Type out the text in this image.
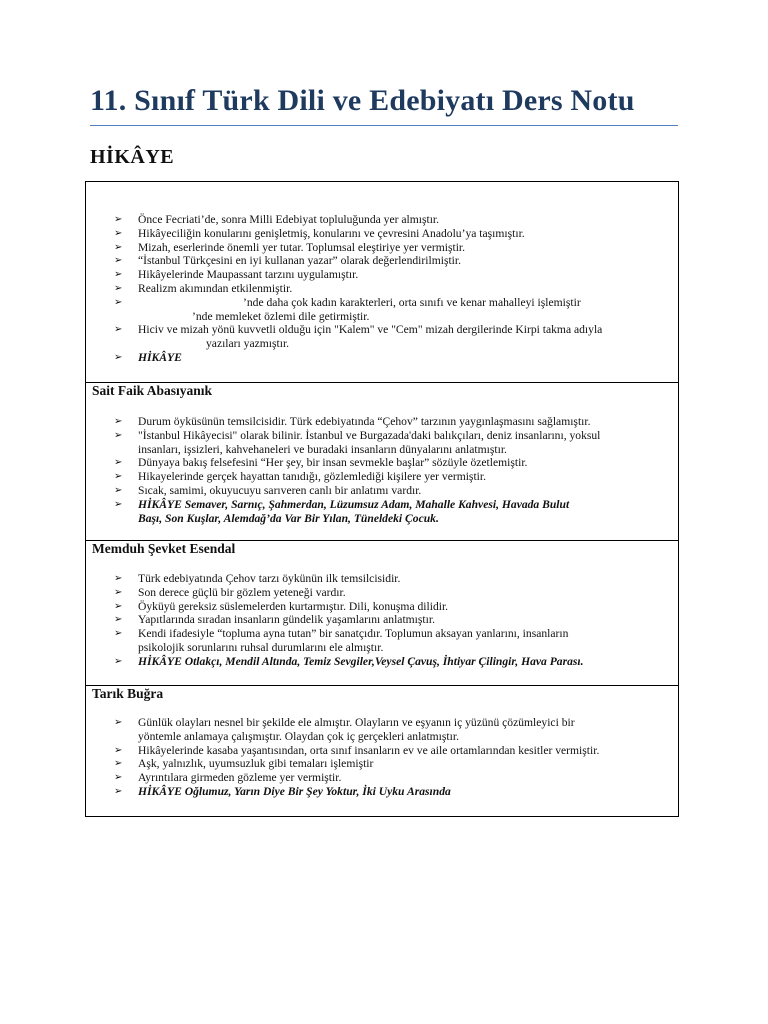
11. Sınıf Türk Dili ve Edebiyatı Ders Notu
HİKÂYE
➢ Önce Fecriati’de, sonra Milli Edebiyat topluluğunda yer almıştır.
➢ Hikâyeciliğin konularını genişletmiş, konularını ve çevresini Anadolu’ya taşımıştır.
➢ Mizah, eserlerinde önemli yer tutar. Toplumsal eleştiriye yer vermiştir.
➢ “İstanbul Türkçesini en iyi kullanan yazar” olarak değerlendirilmiştir.
➢ Hikâyelerinde Maupassant tarzını uygulamıştır.
➢ Realizm akımından etkilenmiştir.
➢	’nde daha çok kadın karakterleri, orta sınıfı ve kenar mahalleyi işlemiştir
’nde memleket özlemi dile getirmiştir.
➢ Hiciv ve mizah yönü kuvvetli olduğu için "Kalem" ve "Cem" mizah dergilerinde Kirpi takma adıyla
yazıları yazmıştır.
➢ HİKÂYE

Sait Faik Abasıyanık

➢ Durum öyküsünün temsilcisidir. Türk edebiyatında “Çehov” tarzının yaygınlaşmasını sağlamıştır.
➢ "İstanbul Hikâyecisi" olarak bilinir. İstanbul ve Burgazada'daki balıkçıları, deniz insanlarını, yoksul
insanları, işsizleri, kahvehaneleri ve buradaki insanların dünyalarını anlatmıştır.
➢ Dünyaya bakış felsefesini “Her şey, bir insan sevmekle başlar” sözüyle özetlemiştir.
➢ Hikayelerinde gerçek hayattan tanıdığı, gözlemlediği kişilere yer vermiştir.
➢ Sıcak, samimi, okuyucuyu sarıveren canlı bir anlatımı vardır.
➢ HİKÂYE Semaver, Sarnıç, Şahmerdan, Lüzumsuz Adam, Mahalle Kahvesi, Havada Bulut
Başı, Son Kuşlar, Alemdağ’da Var Bir Yılan, Tüneldeki Çocuk.

Memduh Şevket Esendal

➢ Türk edebiyatında Çehov tarzı öykünün ilk temsilcisidir.
➢ Son derece güçlü bir gözlem yeteneği vardır.
➢ Öyküyü gereksiz süslemelerden kurtarmıştır. Dili, konuşma dilidir.
➢ Yapıtlarında sıradan insanların gündelik yaşamlarını anlatmıştır.
➢ Kendi ifadesiyle “topluma ayna tutan” bir sanatçıdır. Toplumun aksayan yanlarını, insanların
psikolojik sorunlarını ruhsal durumlarını ele almıştır.
➢ HİKÂYE Otlakçı, Mendil Altında, Temiz Sevgiler,Veysel Çavuş, İhtiyar Çilingir, Hava Parası.

Tarık Buğra

➢ Günlük olayları nesnel bir şekilde ele almıştır. Olayların ve eşyanın iç yüzünü çözümleyici bir
yöntemle anlamaya çalışmıştır. Olaydan çok iç gerçekleri anlatmıştır.
➢ Hikâyelerinde kasaba yaşantısından, orta sınıf insanların ev ve aile ortamlarından kesitler vermiştir.
➢ Aşk, yalnızlık, uyumsuzluk gibi temaları işlemiştir
➢ Ayrıntılara girmeden gözleme yer vermiştir.
➢ HİKÂYE Oğlumuz, Yarın Diye Bir Şey Yoktur, İki Uyku Arasında
